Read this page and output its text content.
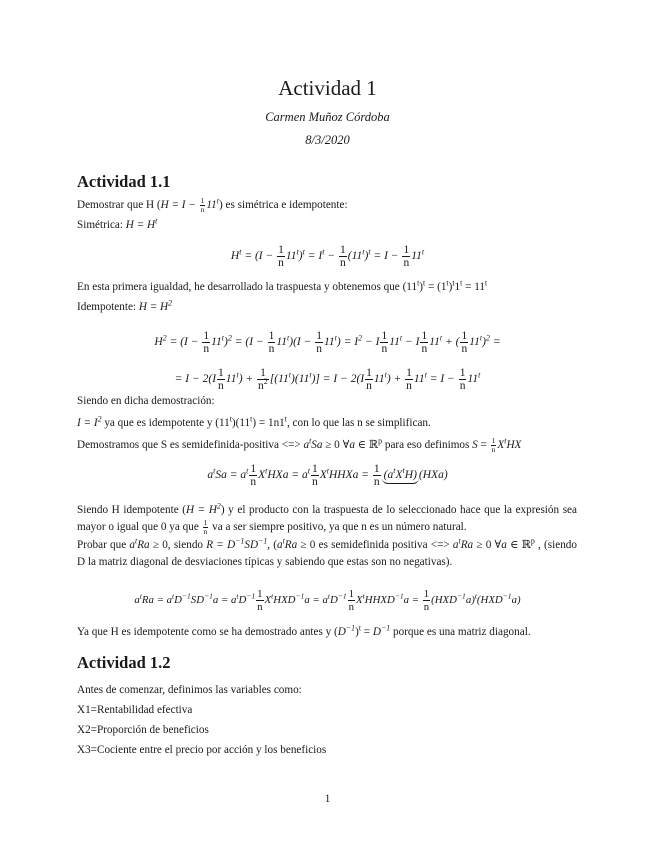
Actividad 1
Carmen Muñoz Córdoba
8/3/2020
Actividad 1.1
Demostrar que H $(H = I - \frac{1}{n} 11^t)$ es simétrica e idempotente:
Simétrica: $H = H^t$
$H^t = (I - \frac{1}{n} 11^t)^t = I^t - \frac{1}{n} (11^t)^t = I - \frac{1}{n} 11^t$
En esta primera igualdad, he desarrollado la traspuesta y obtenemos que $(11^t)^t = (1^t)^t1^t = 11^t$
Idempotente: $H = H^2$
$H^2 = (I - \frac{1}{n} 11^t)^2 = (I - \frac{1}{n} 11^t)(I - \frac{1}{n} 11^t) = I^2 - I \frac{1}{n} 11^t - I \frac{1}{n} 11^t$ + ( $\frac{1}{n} 11^t)^2$ =
= $I - 2(I \frac{1}{n} 11^t) + \frac{1}{n^2} [(11^t)(11^t)] = I - 2(I \frac{1}{n} 11^t) + \frac{1}{n} 11^t = I - \frac{1}{n} 11^t$
Siendo en dicha demostración:
$I = I^2$ ya que es idempotente y $(11^t)(11^t) = 1n1^t$, con lo que las n se simplifican.
Demostramos que S es semidefinida-positiva <=> $a^tSa \ge 0$ ∀a ∈ ℝ$^p$ para eso definimos $S = \frac{1}{n} X^tHX$
$a^tSa = a^t \frac{1}{n} X^tHXa = a^t \frac{1}{n}$ $X^tHHXa = \frac{1}{n} (a^tX^tH)$ (HXa)
Siendo H idempotente $(H = H^2)$ y el producto con la traspuesta de lo seleccionado hace que la expresión sea mayor o igual que 0 ya que $\frac{1}{n}$ va a ser siempre positivo, ya que n es un número natural.
Probar que $a^tRa \ge 0$, siendo $R = D^{-1}SD^{-1}$, ($a^tRa \ge 0$ es semidefinida positiva <=> $a^tRa \ge 0$ ∀a ∈ ℝ$^p$ , (siendo D la matriz diagonal de desviaciones típicas y sabiendo que estas son no negativas).
$a^tRa = a^tD^{-1}SD^{-1}a = a^tD^{-1} \frac{1}{n} X^tHXD^{-1}a = a^tD^{-1} \frac{1}{n}$ $X^tHHXD^{-1}a = \frac{1}{n} (HXD^{-1}a)^t(HXD^{-1}a)$
Ya que H es idempotente como se ha demostrado antes y $(D^{-1})^t = D^{-1}$ porque es una matriz diagonal.
Actividad 1.2
Antes de comenzar, definimos las variables como:
X1=Rentabilidad efectiva
X2=Proporción de beneficios
X3=Cociente entre el precio por acción y los beneficios
1
